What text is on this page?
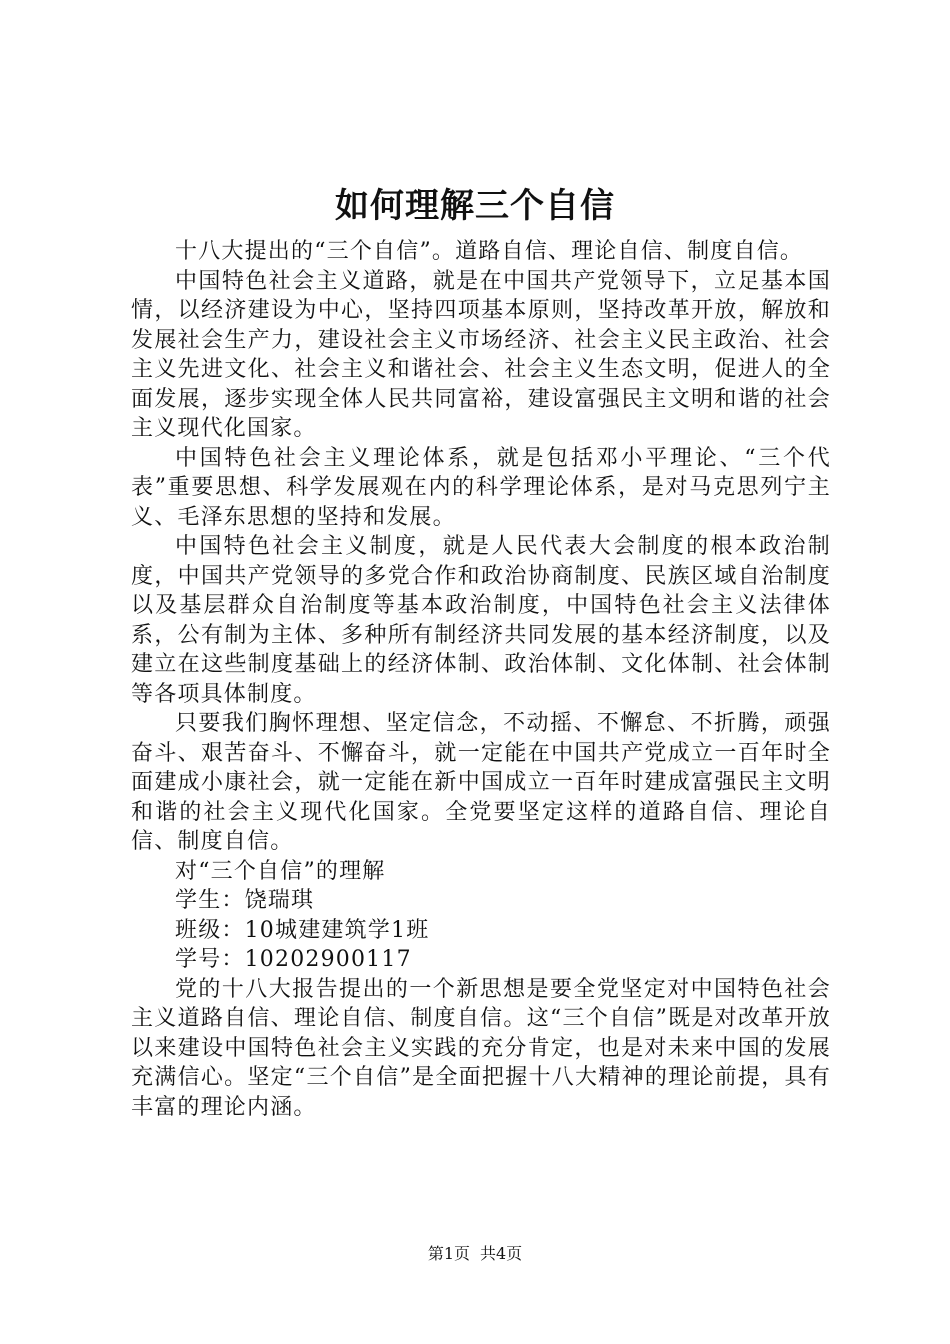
如何理解三个自信

十八大提出的“三个自信”。道路自信、理论自信、制度自信。

中国特色社会主义道路，就是在中国共产党领导下，立足基本国情，以经济建设为中心，坚持四项基本原则，坚持改革开放，解放和发展社会生产力，建设社会主义市场经济、社会主义民主政治、社会主义先进文化、社会主义和谐社会、社会主义生态文明，促进人的全面发展，逐步实现全体人民共同富裕，建设富强民主文明和谐的社会主义现代化国家。

中国特色社会主义理论体系，就是包括邓小平理论、“三个代表”重要思想、科学发展观在内的科学理论体系，是对马克思列宁主义、毛泽东思想的坚持和发展。

中国特色社会主义制度，就是人民代表大会制度的根本政治制度，中国共产党领导的多党合作和政治协商制度、民族区域自治制度以及基层群众自治制度等基本政治制度，中国特色社会主义法律体系，公有制为主体、多种所有制经济共同发展的基本经济制度，以及建立在这些制度基础上的经济体制、政治体制、文化体制、社会体制等各项具体制度。

只要我们胸怀理想、坚定信念，不动摇、不懈怠、不折腾，顽强奋斗、艰苦奋斗、不懈奋斗，就一定能在中国共产党成立一百年时全面建成小康社会，就一定能在新中国成立一百年时建成富强民主文明和谐的社会主义现代化国家。全党要坚定这样的道路自信、理论自信、制度自信。

对“三个自信”的理解

学生：饶瑞琪

班级：10城建建筑学1班

学号：10202900117

党的十八大报告提出的一个新思想是要全党坚定对中国特色社会主义道路自信、理论自信、制度自信。这“三个自信”既是对改革开放以来建设中国特色社会主义实践的充分肯定，也是对未来中国的发展充满信心。坚定“三个自信”是全面把握十八大精神的理论前提，具有丰富的理论内涵。

第1页 共4页
